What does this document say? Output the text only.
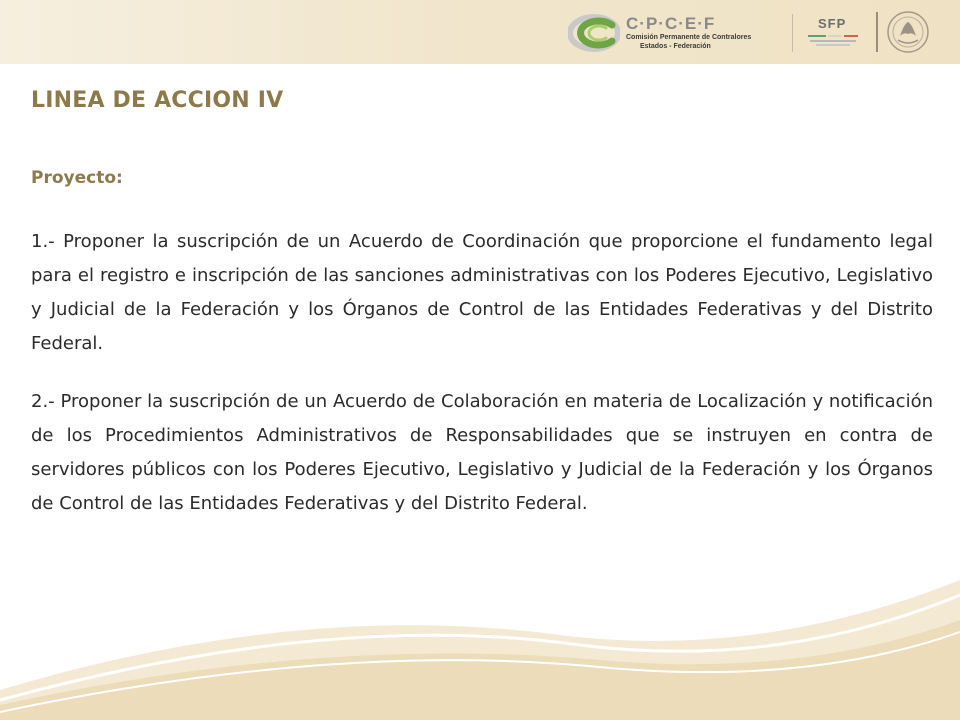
C·P·C·E·F
Comisión Permanente de Contralores
Estados - Federación
SFP
LINEA DE ACCION IV
Proyecto:

1.- Proponer la suscripción de un Acuerdo de Coordinación que proporcione el fundamento legal para el registro e inscripción de las sanciones administrativas con los Poderes Ejecutivo, Legislativo y Judicial de la Federación y los Órganos de Control de las Entidades Federativas y del Distrito Federal.

2.- Proponer la suscripción de un Acuerdo de Colaboración en materia de Localización y notificación de los Procedimientos Administrativos de Responsabilidades que se instruyen en contra de servidores públicos con los Poderes Ejecutivo, Legislativo y Judicial de la Federación y los Órganos de Control de las Entidades Federativas y del Distrito Federal.
